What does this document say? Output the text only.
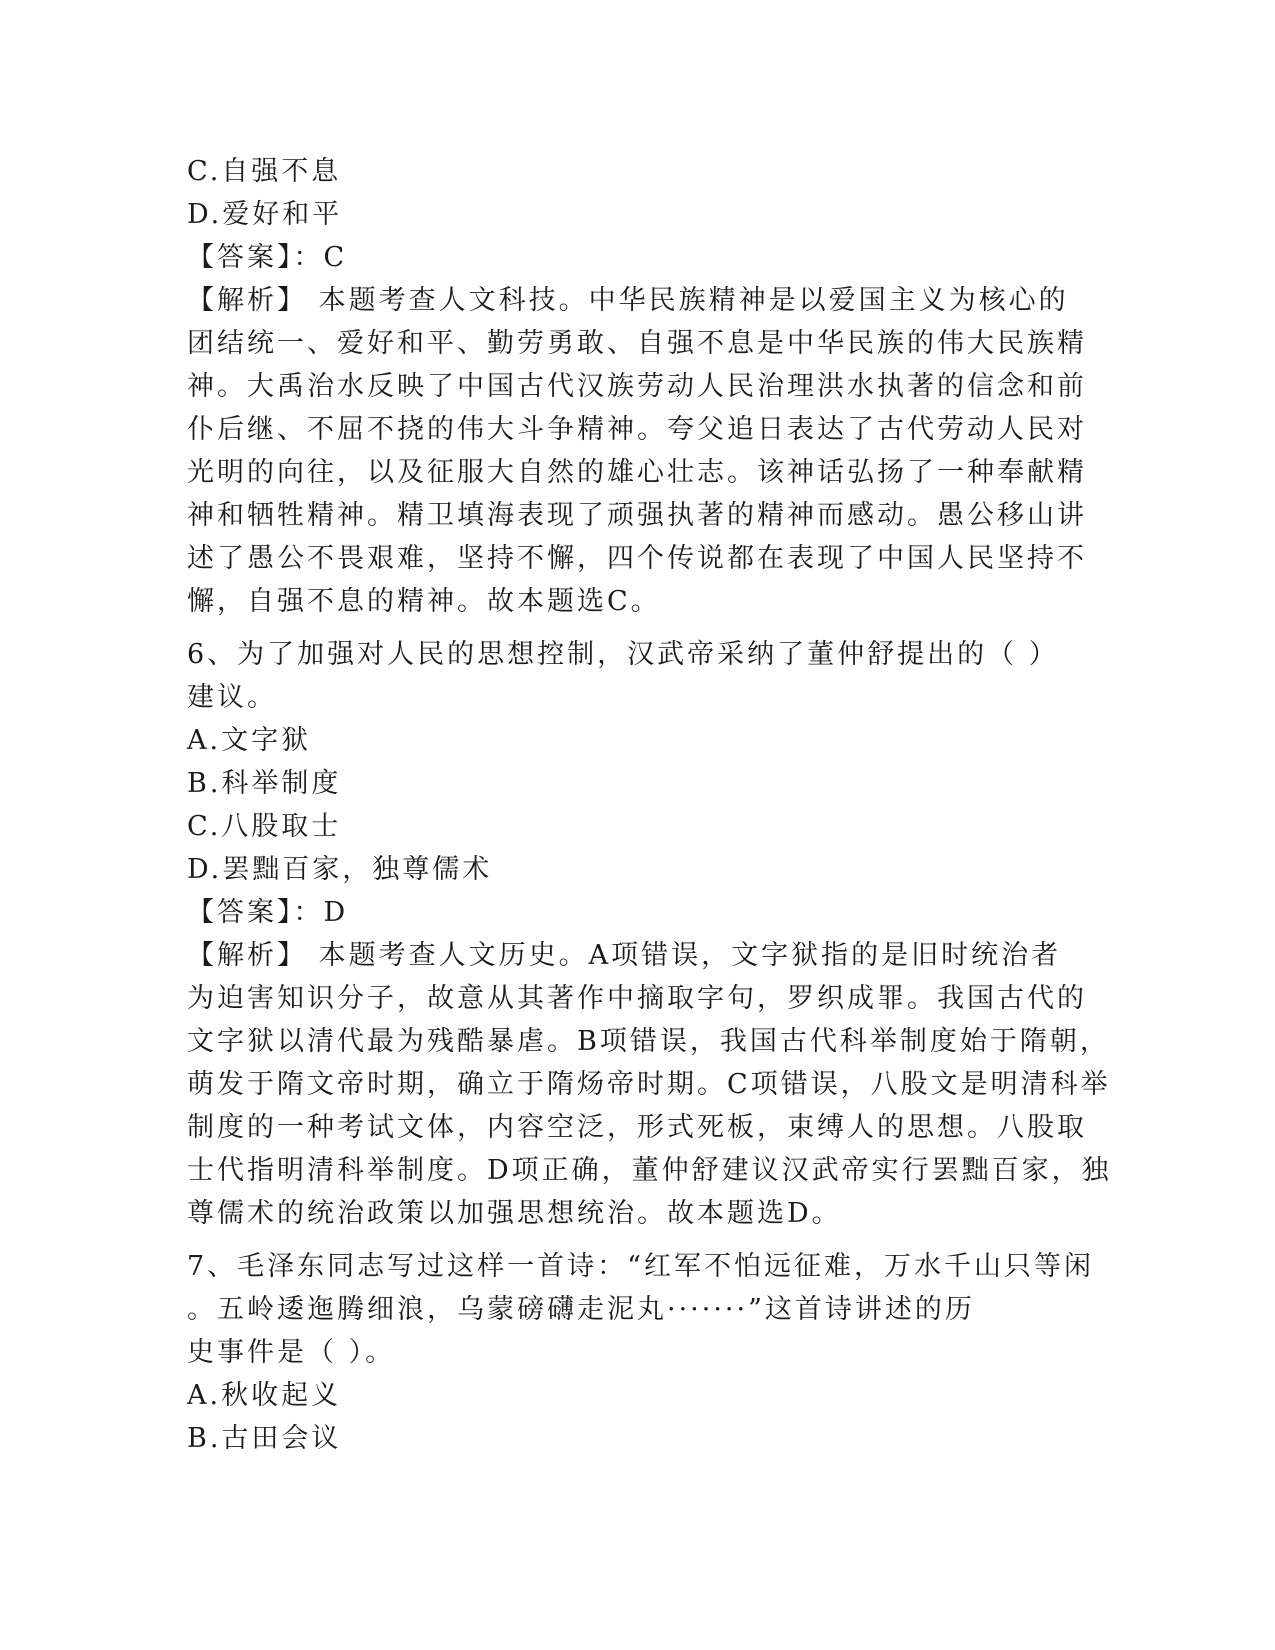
C.自强不息
D.爱好和平
【答案】：C
【解析】 本题考查人文科技。中华民族精神是以爱国主义为核心的
团结统一、爱好和平、勤劳勇敢、自强不息是中华民族的伟大民族精
神。大禹治水反映了中国古代汉族劳动人民治理洪水执著的信念和前
仆后继、不屈不挠的伟大斗争精神。夸父追日表达了古代劳动人民对
光明的向往，以及征服大自然的雄心壮志。该神话弘扬了一种奉献精
神和牺牲精神。精卫填海表现了顽强执著的精神而感动。愚公移山讲
述了愚公不畏艰难，坚持不懈，四个传说都在表现了中国人民坚持不
懈，自强不息的精神。故本题选C。
6、为了加强对人民的思想控制，汉武帝采纳了董仲舒提出的（ ）
建议。
A.文字狱
B.科举制度
C.八股取士
D.罢黜百家，独尊儒术
【答案】：D
【解析】 本题考查人文历史。A项错误，文字狱指的是旧时统治者
为迫害知识分子，故意从其著作中摘取字句，罗织成罪。我国古代的
文字狱以清代最为残酷暴虐。B项错误，我国古代科举制度始于隋朝，
萌发于隋文帝时期，确立于隋炀帝时期。C项错误，八股文是明清科举
制度的一种考试文体，内容空泛，形式死板，束缚人的思想。八股取
士代指明清科举制度。D项正确，董仲舒建议汉武帝实行罢黜百家，独
尊儒术的统治政策以加强思想统治。故本题选D。
7、毛泽东同志写过这样一首诗：“红军不怕远征难，万水千山只等闲
。五岭逶迤腾细浪，乌蒙磅礴走泥丸·······”这首诗讲述的历
史事件是（ ）。
A.秋收起义
B.古田会议
